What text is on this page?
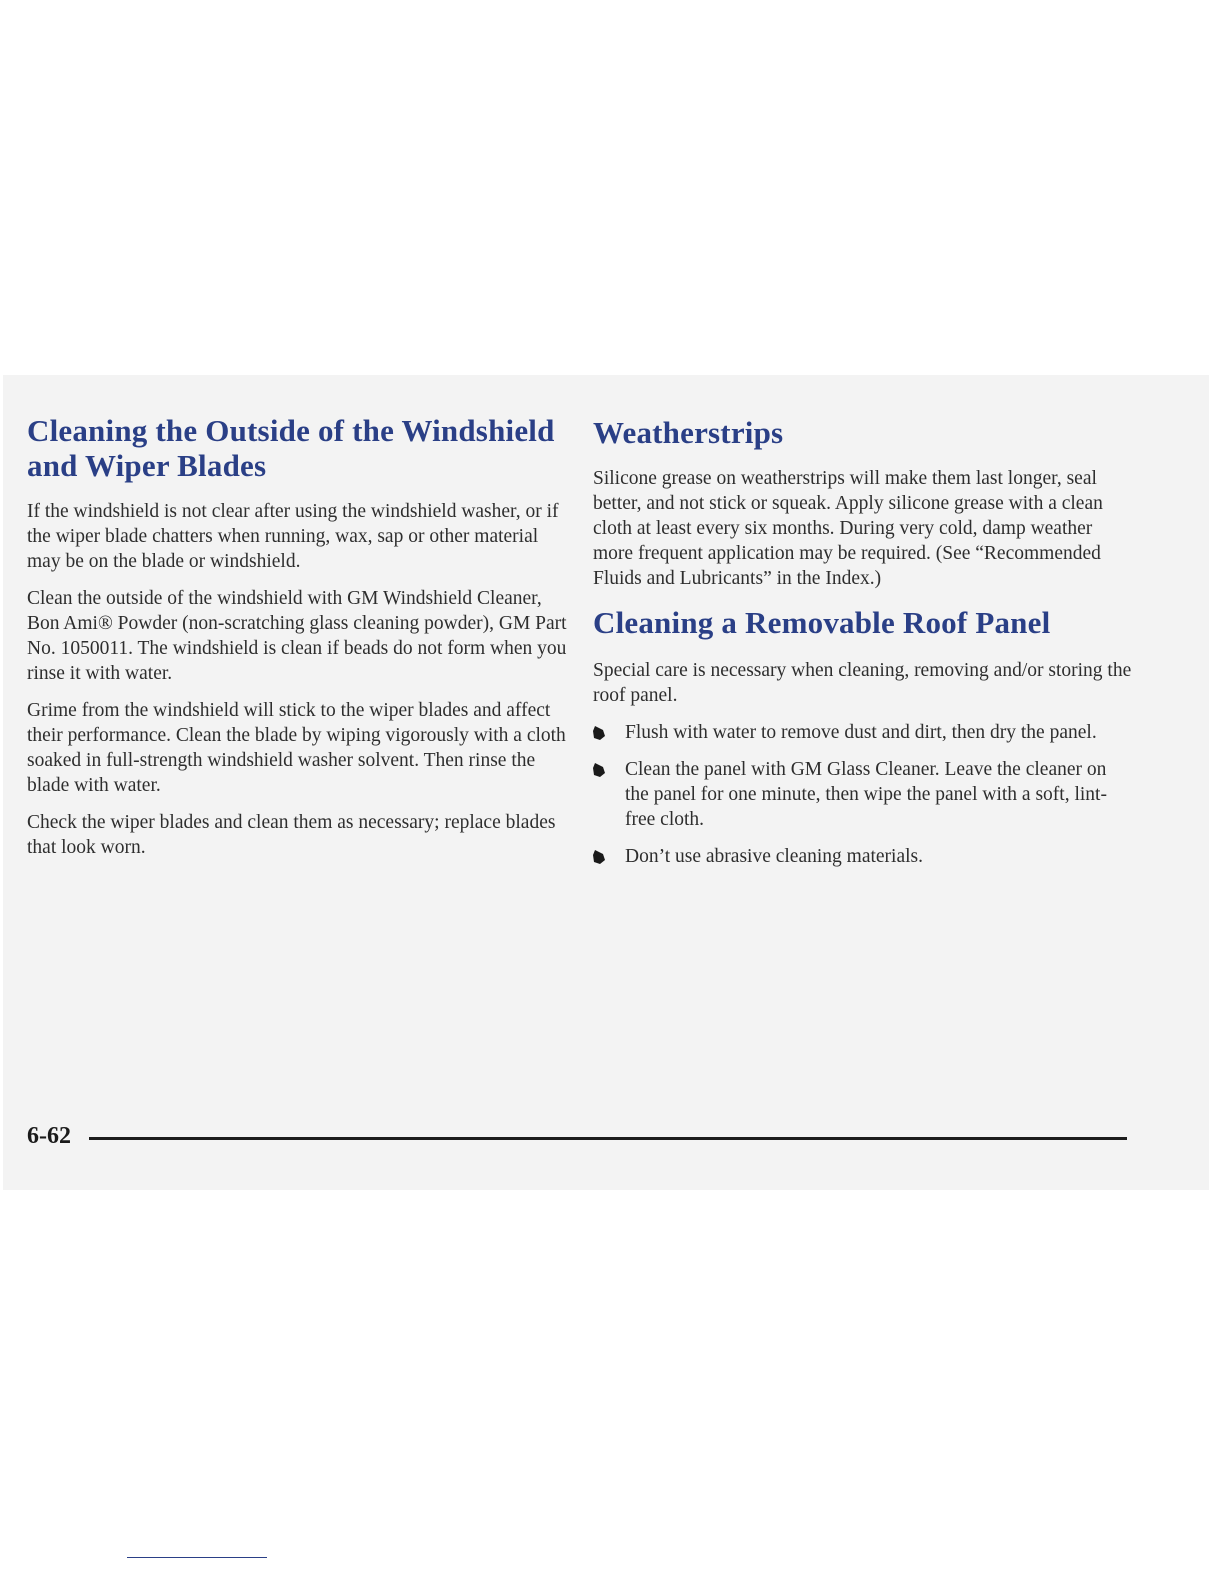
Cleaning the Outside of the Windshield and Wiper Blades

If the windshield is not clear after using the windshield washer, or if the wiper blade chatters when running, wax, sap or other material may be on the blade or windshield.

Clean the outside of the windshield with GM Windshield Cleaner, Bon Ami® Powder (non-scratching glass cleaning powder), GM Part No. 1050011. The windshield is clean if beads do not form when you rinse it with water.

Grime from the windshield will stick to the wiper blades and affect their performance. Clean the blade by wiping vigorously with a cloth soaked in full-strength windshield washer solvent. Then rinse the blade with water.

Check the wiper blades and clean them as necessary; replace blades that look worn.

Weatherstrips

Silicone grease on weatherstrips will make them last longer, seal better, and not stick or squeak. Apply silicone grease with a clean cloth at least every six months. During very cold, damp weather more frequent application may be required. (See “Recommended Fluids and Lubricants” in the Index.)

Cleaning a Removable Roof Panel

Special care is necessary when cleaning, removing and/or storing the roof panel.

Flush with water to remove dust and dirt, then dry the panel.
Clean the panel with GM Glass Cleaner. Leave the cleaner on the panel for one minute, then wipe the panel with a soft, lint-free cloth.
Don’t use abrasive cleaning materials.
6-62
